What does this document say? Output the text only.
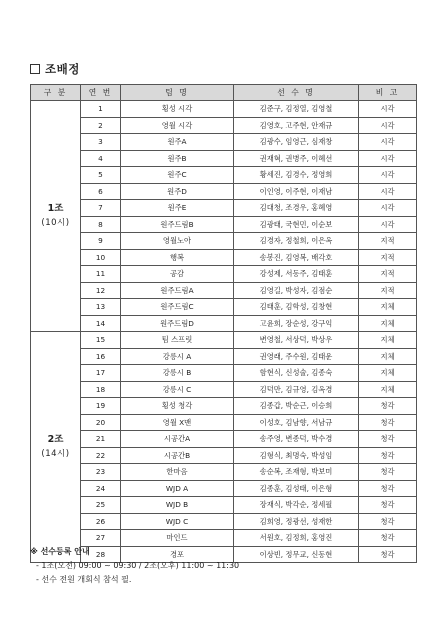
조배정
구 분	연 번	팀 명	선 수 명	비 고

1조
(10시)	1	횡성 시각	김준구, 김정열, 김영철	시각
	2	영월 시각	김영호, 고주현, 안재규	시각
	3	원주A	김광수, 임영근, 심재창	시각
	4	원주B	권재혁, 권병주, 이혜선	시각
	5	원주C	황세진, 김경수, 정영희	시각
	6	원주D	이인영, 이주현, 이재남	시각
	7	원주E	김대청, 조경우, 홍혜영	시각
	8	원주드림B	김광태, 국현민, 이순보	시각
	9	영월노아	김경자, 정철희, 이은옥	지적
	10	행복	송봉진, 김영복, 배각호	지적
	11	공감	강성제, 서동주, 김태훈	지적
	12	원주드림A	김영길, 박성자, 김점순	지적
	13	원주드림C	김태훈, 김학성, 김창현	지체
	14	원주드림D	고윤희, 장순성, 강구익	지체

2조
(14시)	15	팀 스프릿	변영철, 서상덕, 박상우	지체
	16	강릉시 A	권영래, 주수원, 김태운	지체
	17	강릉시 B	함현식, 신성술, 김종숙	지체
	18	강릉시 C	김덕만, 김규영, 김옥경	지체
	19	횡성 청각	김종갑, 박순근, 이승희	청각
	20	영월 X맨	이성호, 김남향, 서남규	청각
	21	시공간A	송주영, 변종덕, 박수경	청각
	22	시공간B	김형식, 최명숙, 박성임	청각
	23	한마음	송순복, 조재형, 박보미	청각
	24	WJD A	김종훈, 김성태, 이은형	청각
	25	WJD B	장재식, 박각순, 정세필	청각
	26	WJD C	김희영, 정광선, 성재한	청각
	27	마인드	서원호, 김정희, 홍영진	청각
	28	경포	이상빈, 정무교, 신동현	청각
※ 선수등록 안내
- 1조(오전) 09:00 ~ 09:30 / 2조(오후) 11:00 ~ 11:30
- 선수 전원 개회식 참석 필.
